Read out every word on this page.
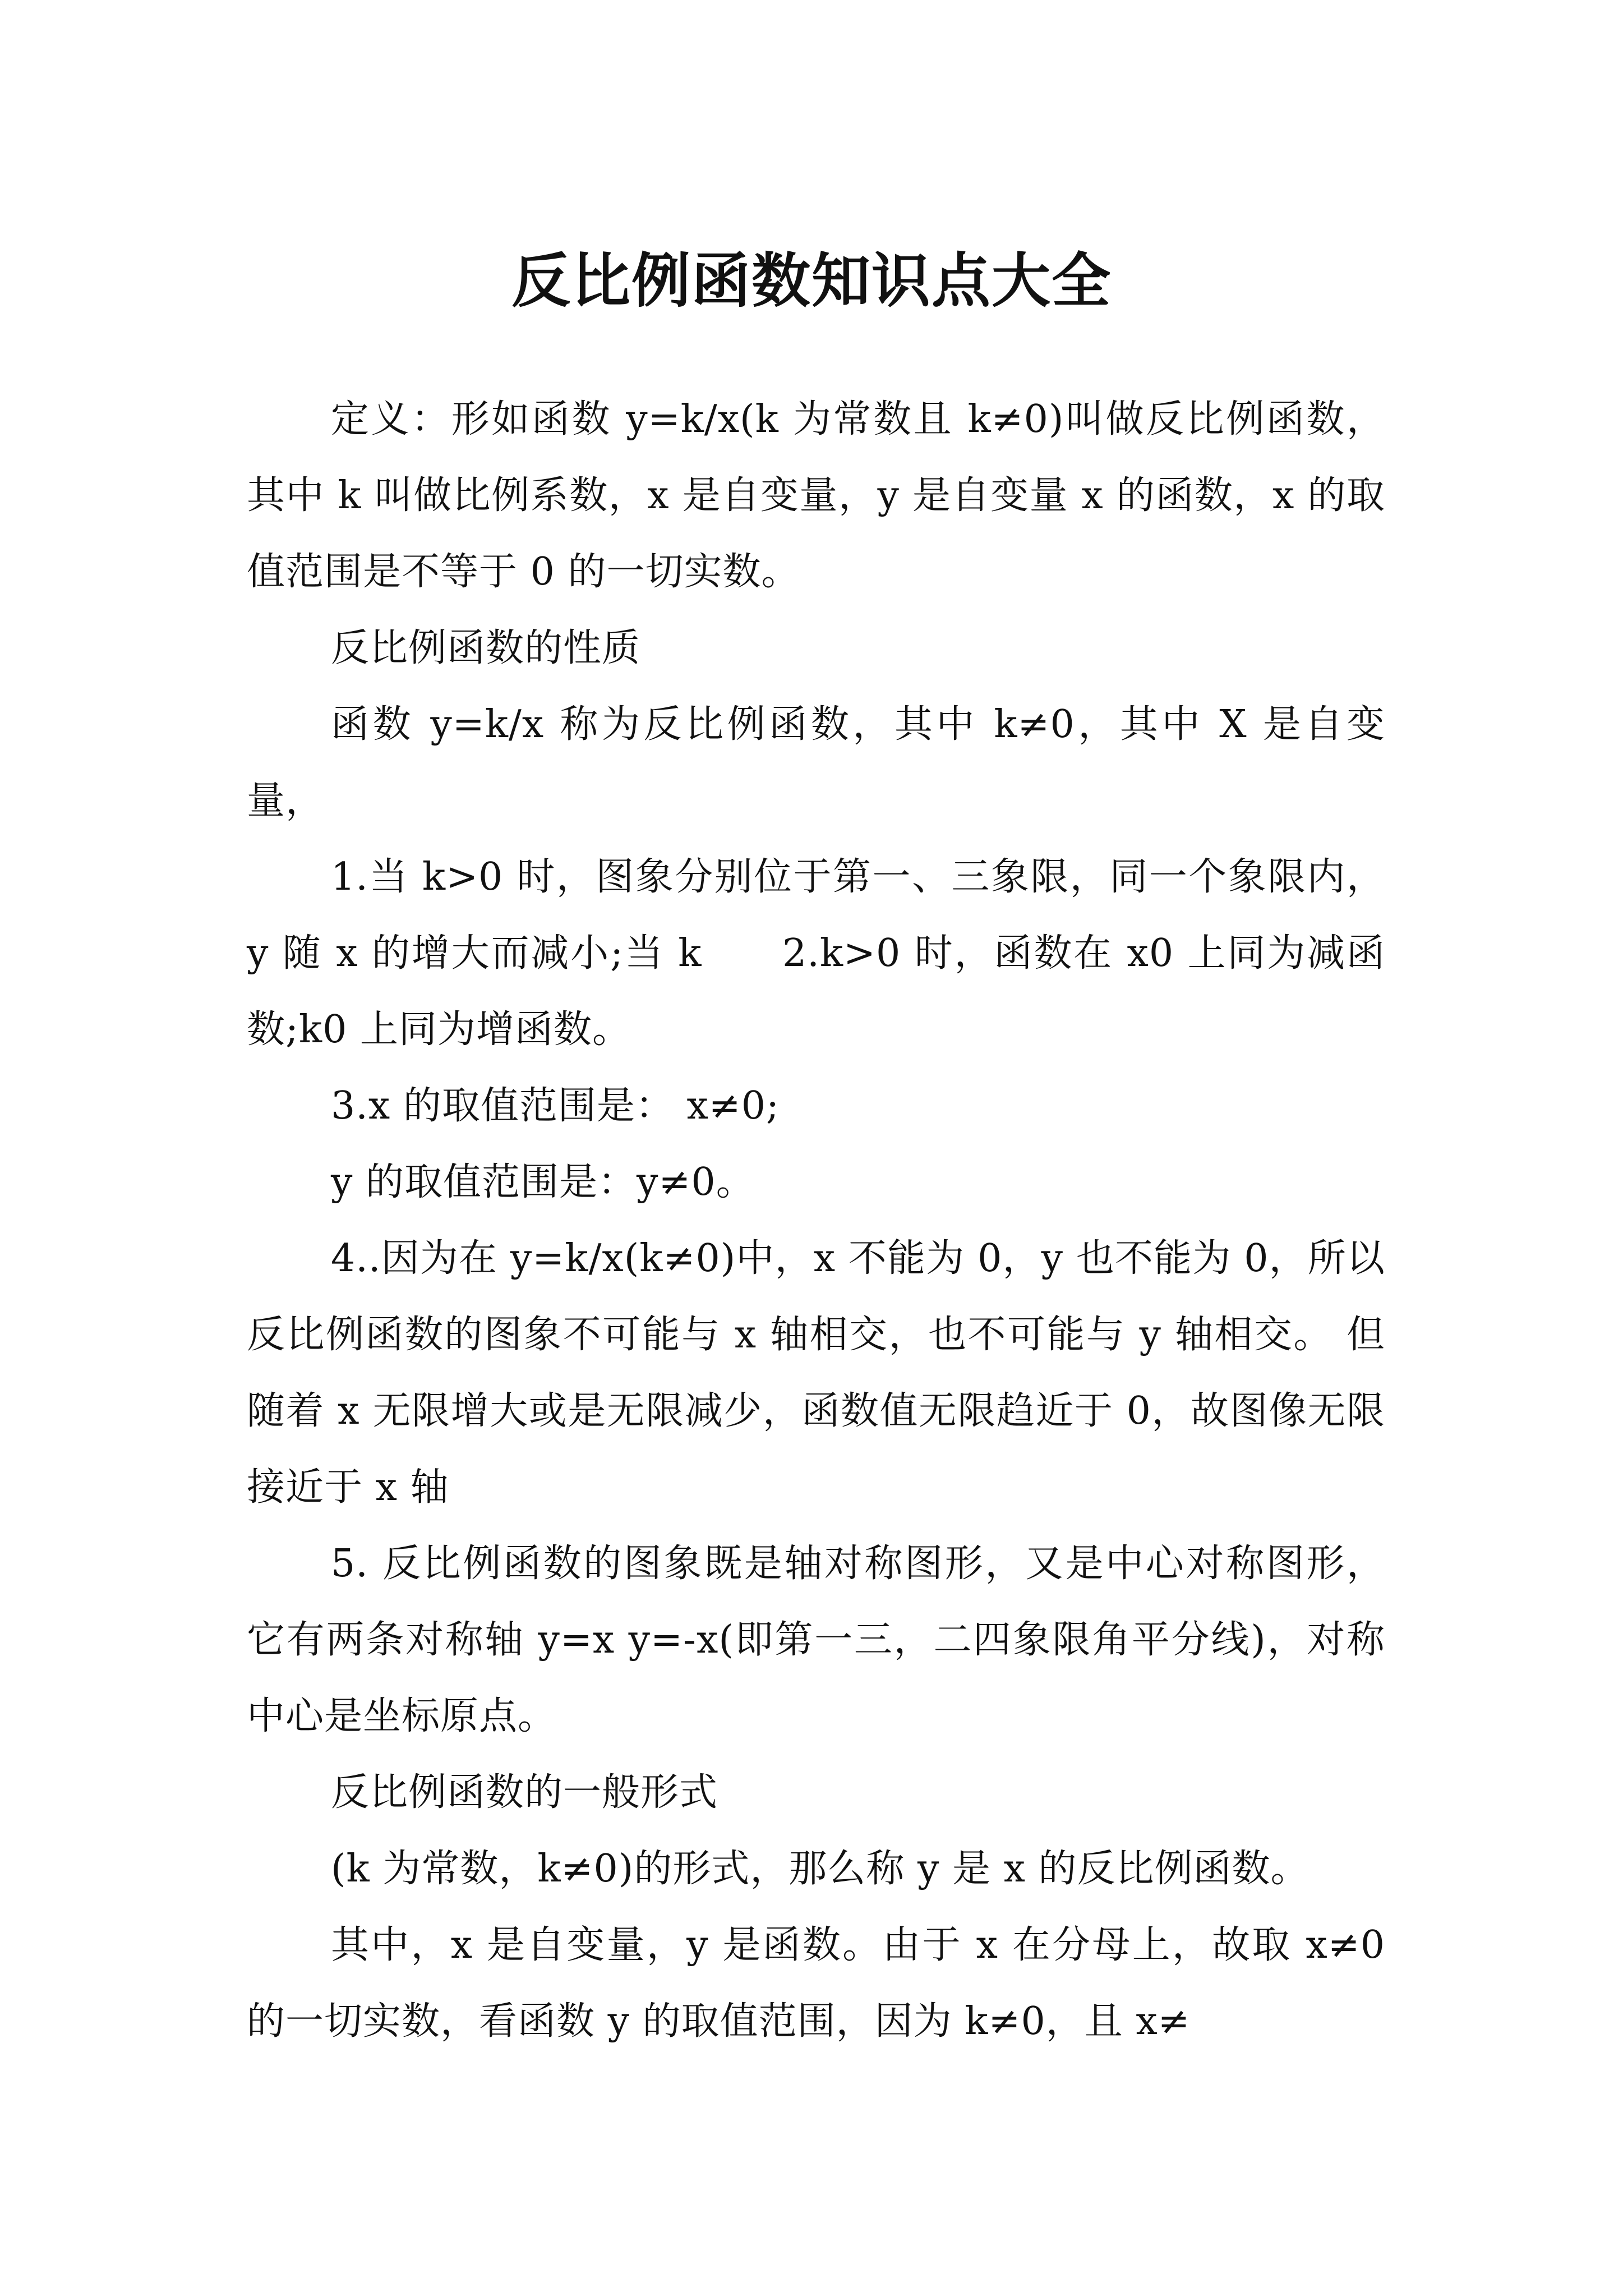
反比例函数知识点大全

定义：形如函数 y=k/x(k 为常数且 k≠0)叫做反比例函数，其中 k 叫做比例系数，x 是自变量，y 是自变量 x 的函数，x 的取值范围是不等于 0 的一切实数。

反比例函数的性质

函数 y=k/x 称为反比例函数，其中 k≠0，其中 X 是自变量，

1.当 k>0 时，图象分别位于第一、三象限，同一个象限内，y 随 x 的增大而减小;当 k　　2.k>0 时，函数在 x0 上同为减函数;k0 上同为增函数。

3.x 的取值范围是： x≠0;

y 的取值范围是：y≠0。

4..因为在 y=k/x(k≠0)中，x 不能为 0，y 也不能为 0，所以反比例函数的图象不可能与 x 轴相交，也不可能与 y 轴相交。 但随着 x 无限增大或是无限减少，函数值无限趋近于 0，故图像无限接近于 x 轴

5. 反比例函数的图象既是轴对称图形，又是中心对称图形，它有两条对称轴 y=x y=-x(即第一三，二四象限角平分线)，对称中心是坐标原点。

反比例函数的一般形式

(k 为常数，k≠0)的形式，那么称 y 是 x 的反比例函数。

其中，x 是自变量，y 是函数。由于 x 在分母上，故取 x≠0 的一切实数，看函数 y 的取值范围，因为 k≠0，且 x≠
